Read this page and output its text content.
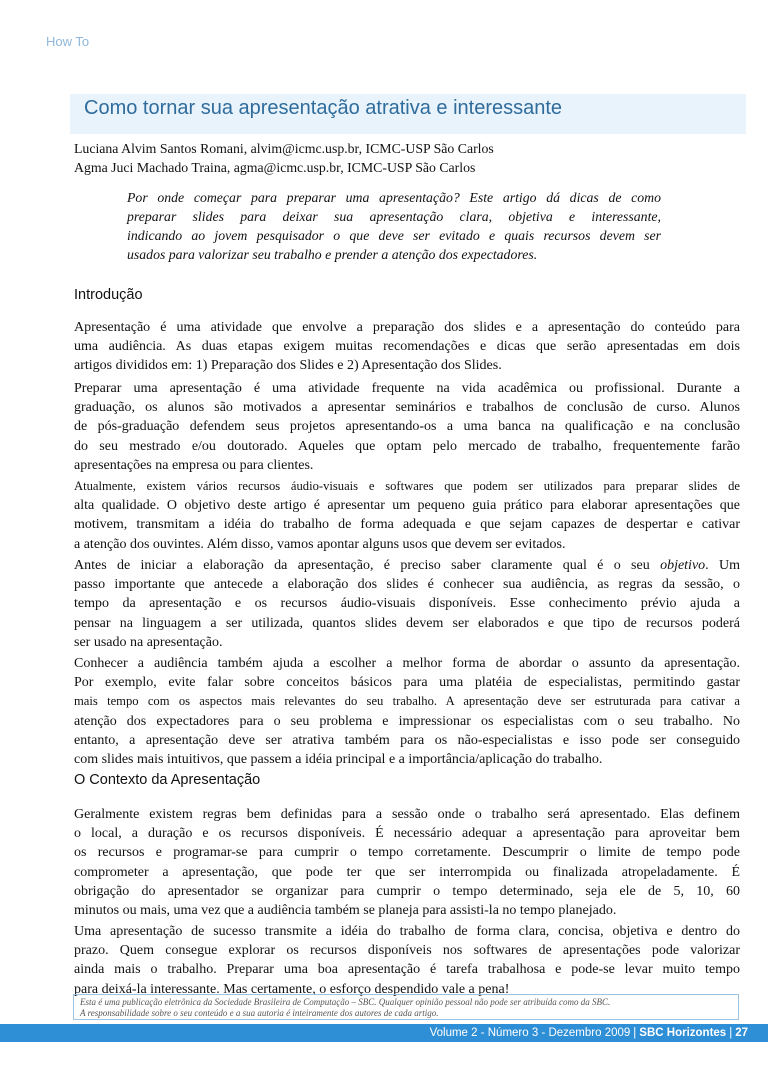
How To
Como tornar sua apresentação atrativa e interessante
Luciana Alvim Santos Romani, alvim@icmc.usp.br, ICMC-USP São Carlos
Agma Juci Machado Traina, agma@icmc.usp.br, ICMC-USP São Carlos
Por onde começar para preparar uma apresentação? Este artigo dá dicas de como
preparar slides para deixar sua apresentação clara, objetiva e interessante,
indicando ao jovem pesquisador o que deve ser evitado e quais recursos devem ser
usados para valorizar seu trabalho e prender a atenção dos expectadores.
Introdução
Apresentação é uma atividade que envolve a preparação dos slides e a apresentação do conteúdo para
uma audiência. As duas etapas exigem muitas recomendações e dicas que serão apresentadas em dois
artigos divididos em: 1) Preparação dos Slides e 2) Apresentação dos Slides.
Preparar uma apresentação é uma atividade frequente na vida acadêmica ou profissional. Durante a
graduação, os alunos são motivados a apresentar seminários e trabalhos de conclusão de curso. Alunos
de pós-graduação defendem seus projetos apresentando-os a uma banca na qualificação e na conclusão
do seu mestrado e/ou doutorado. Aqueles que optam pelo mercado de trabalho, frequentemente farão
apresentações na empresa ou para clientes.
Atualmente, existem vários recursos áudio-visuais e softwares que podem ser utilizados para preparar slides de
alta qualidade. O objetivo deste artigo é apresentar um pequeno guia prático para elaborar apresentações que
motivem, transmitam a idéia do trabalho de forma adequada e que sejam capazes de despertar e cativar
a atenção dos ouvintes. Além disso, vamos apontar alguns usos que devem ser evitados.
Antes de iniciar a elaboração da apresentação, é preciso saber claramente qual é o seu objetivo. Um
passo importante que antecede a elaboração dos slides é conhecer sua audiência, as regras da sessão, o
tempo da apresentação e os recursos áudio-visuais disponíveis. Esse conhecimento prévio ajuda a
pensar na linguagem a ser utilizada, quantos slides devem ser elaborados e que tipo de recursos poderá
ser usado na apresentação.
Conhecer a audiência também ajuda a escolher a melhor forma de abordar o assunto da apresentação.
Por exemplo, evite falar sobre conceitos básicos para uma platéia de especialistas, permitindo gastar
mais tempo com os aspectos mais relevantes do seu trabalho. A apresentação deve ser estruturada para cativar a
atenção dos expectadores para o seu problema e impressionar os especialistas com o seu trabalho. No
entanto, a apresentação deve ser atrativa também para os não-especialistas e isso pode ser conseguido
com slides mais intuitivos, que passem a idéia principal e a importância/aplicação do trabalho.
O Contexto da Apresentação
Geralmente existem regras bem definidas para a sessão onde o trabalho será apresentado. Elas definem
o local, a duração e os recursos disponíveis. É necessário adequar a apresentação para aproveitar bem
os recursos e programar-se para cumprir o tempo corretamente. Descumprir o limite de tempo pode
comprometer a apresentação, que pode ter que ser interrompida ou finalizada atropeladamente. É
obrigação do apresentador se organizar para cumprir o tempo determinado, seja ele de 5, 10, 60
minutos ou mais, uma vez que a audiência também se planeja para assisti-la no tempo planejado.
Uma apresentação de sucesso transmite a idéia do trabalho de forma clara, concisa, objetiva e dentro do
prazo. Quem consegue explorar os recursos disponíveis nos softwares de apresentações pode valorizar
ainda mais o trabalho. Preparar uma boa apresentação é tarefa trabalhosa e pode-se levar muito tempo
para deixá-la interessante. Mas certamente, o esforço despendido vale a pena!
Esta é uma publicação eletrônica da Sociedade Brasileira de Computação – SBC. Qualquer opinião pessoal não pode ser atribuída como da SBC.
A responsabilidade sobre o seu conteúdo e a sua autoria é inteiramente dos autores de cada artigo.
Volume 2 - Número 3 - Dezembro 2009 | SBC Horizontes | 27
